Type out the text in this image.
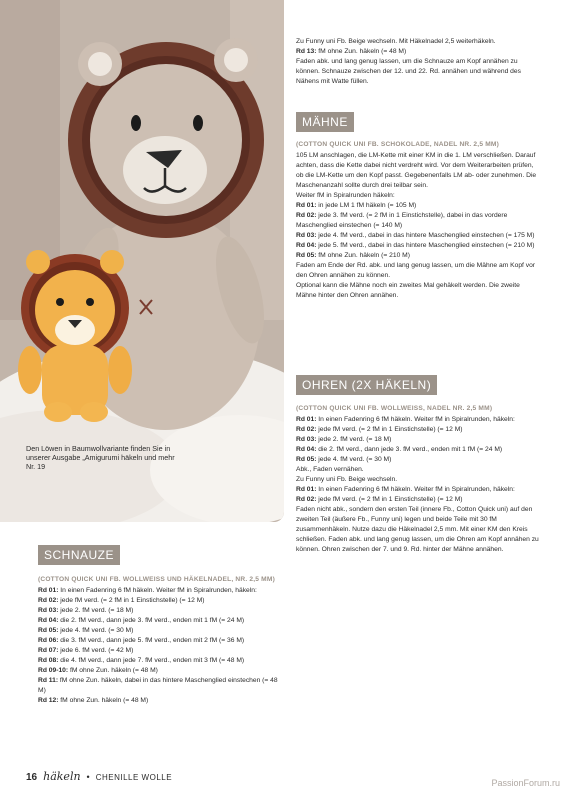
Den Löwen in Baumwollvariante finden Sie in unserer Ausgabe „Amigurumi häkeln und mehr Nr. 19

Zu Funny uni Fb. Beige wechseln. Mit Häkelnadel 2,5 weiterhäkeln.

Rd 13: fM ohne Zun. häkeln (= 48 M)

Faden abk. und lang genug lassen, um die Schnauze am Kopf annähen zu können. Schnauze zwischen der 12. und 22. Rd. annähen und während des Nähens mit Watte füllen.

MÄHNE
(COTTON QUICK UNI FB. SCHOKOLADE, NADEL NR. 2,5 MM)

105 LM anschlagen, die LM-Kette mit einer KM in die 1. LM verschließen. Darauf achten, dass die Kette dabei nicht verdreht wird. Vor dem Weiterarbeiten prüfen, ob die LM-Kette um den Kopf passt. Gegebenenfalls LM ab- oder zunehmen. Die Maschenanzahl sollte durch drei teilbar sein.

Weiter fM in Spiralrunden häkeln:

Rd 01: in jede LM 1 fM häkeln (= 105 M)

Rd 02: jede 3. fM verd. (= 2 fM in 1 Einstichstelle), dabei in das vordere Maschenglied einstechen (= 140 M)

Rd 03: jede 4. fM verd., dabei in das hintere Maschenglied einstechen (= 175 M)

Rd 04: jede 5. fM verd., dabei in das hintere Maschenglied einstechen (= 210 M)

Rd 05: fM ohne Zun. häkeln (= 210 M)

Faden am Ende der Rd. abk. und lang genug lassen, um die Mähne am Kopf vor den Ohren annähen zu können.

Optional kann die Mähne noch ein zweites Mal gehäkelt werden. Die zweite Mähne hinter den Ohren annähen.

OHREN (2X HÄKELN)
(COTTON QUICK UNI FB. WOLLWEISS, NADEL NR. 2,5 MM)

Rd 01: In einen Fadenring 6 fM häkeln. Weiter fM in Spiralrunden, häkeln:

Rd 02: jede fM verd. (= 2 fM in 1 Einstichstelle) (= 12 M)

Rd 03: jede 2. fM verd. (= 18 M)

Rd 04: die 2. fM verd., dann jede 3. fM verd., enden mit 1 fM (= 24 M)

Rd 05: jede 4. fM verd. (= 30 M)

Abk., Faden vernähen.

Zu Funny uni Fb. Beige wechseln.

Rd 01: In einen Fadenring 6 fM häkeln. Weiter fM in Spiralrunden, häkeln:

Rd 02: jede fM verd. (= 2 fM in 1 Einstichstelle) (= 12 M)

Faden nicht abk., sondern den ersten Teil (innere Fb., Cotton Quick uni) auf den zweiten Teil (äußere Fb., Funny uni) legen und beide Teile mit 30 fM zusammenhäkeln. Nutze dazu die Häkelnadel 2,5 mm. Mit einer KM den Kreis schließen. Faden abk. und lang genug lassen, um die Ohren am Kopf annähen zu können. Ohren zwischen der 7. und 9. Rd. hinter der Mähne annähen.

SCHNAUZE
(COTTON QUICK UNI FB. WOLLWEISS UND HÄKELNADEL, NR. 2,5 MM)

Rd 01: In einen Fadenring 6 fM häkeln. Weiter fM in Spiralrunden, häkeln:

Rd 02: jede fM verd. (= 2 fM in 1 Einstichstelle) (= 12 M)

Rd 03: jede 2. fM verd. (= 18 M)

Rd 04: die 2. fM verd., dann jede 3. fM verd., enden mit 1 fM (= 24 M)

Rd 05: jede 4. fM verd. (= 30 M)

Rd 06: die 3. fM verd., dann jede 5. fM verd., enden mit 2 fM (= 36 M)

Rd 07: jede 6. fM verd. (= 42 M)

Rd 08: die 4. fM verd., dann jede 7. fM verd., enden mit 3 fM (= 48 M)

Rd 09-10: fM ohne Zun. häkeln (= 48 M)

Rd 11: fM ohne Zun. häkeln, dabei in das hintere Maschenglied einstechen (= 48 M)

Rd 12: fM ohne Zun. häkeln (= 48 M)

16 häkeln • CHENILLE WOLLE
PassionForum.ru
